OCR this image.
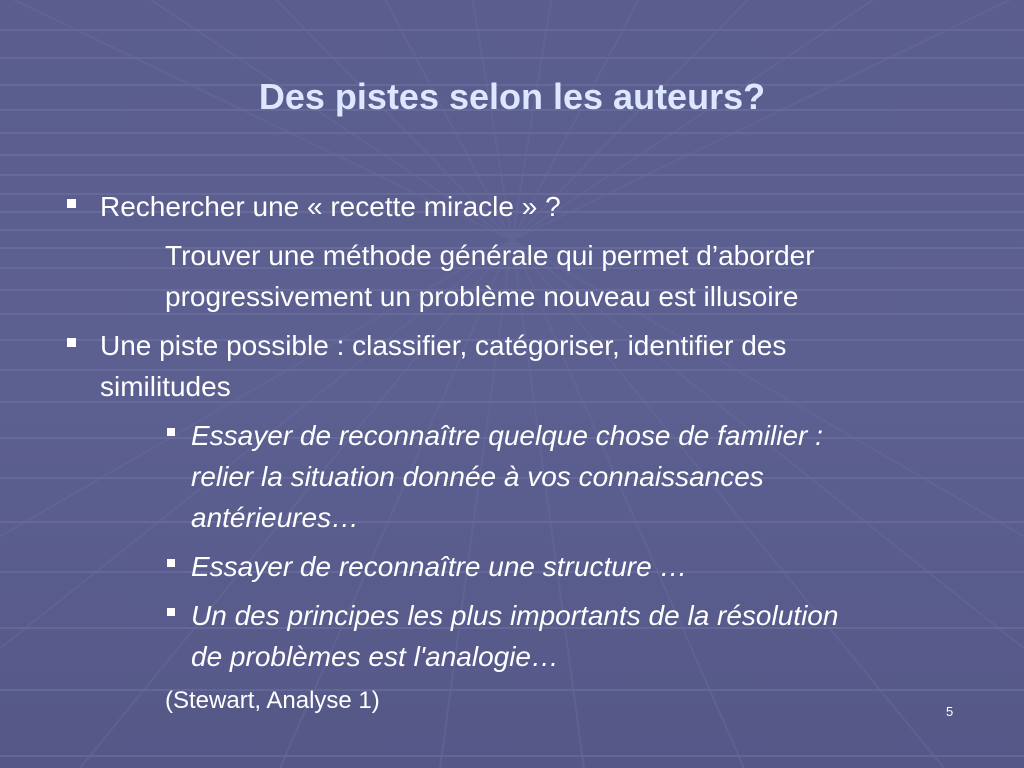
Des pistes selon les auteurs?
Rechercher une « recette miracle » ?
Trouver une méthode générale qui permet d’aborder
progressivement un problème nouveau est illusoire
Une piste possible : classifier, catégoriser, identifier des
similitudes
Essayer de reconnaître quelque chose de familier :
relier la situation donnée à vos connaissances
antérieures…
Essayer de reconnaître une structure …
Un des principes les plus importants de la résolution
de problèmes est l'analogie…
(Stewart, Analyse 1)	5
